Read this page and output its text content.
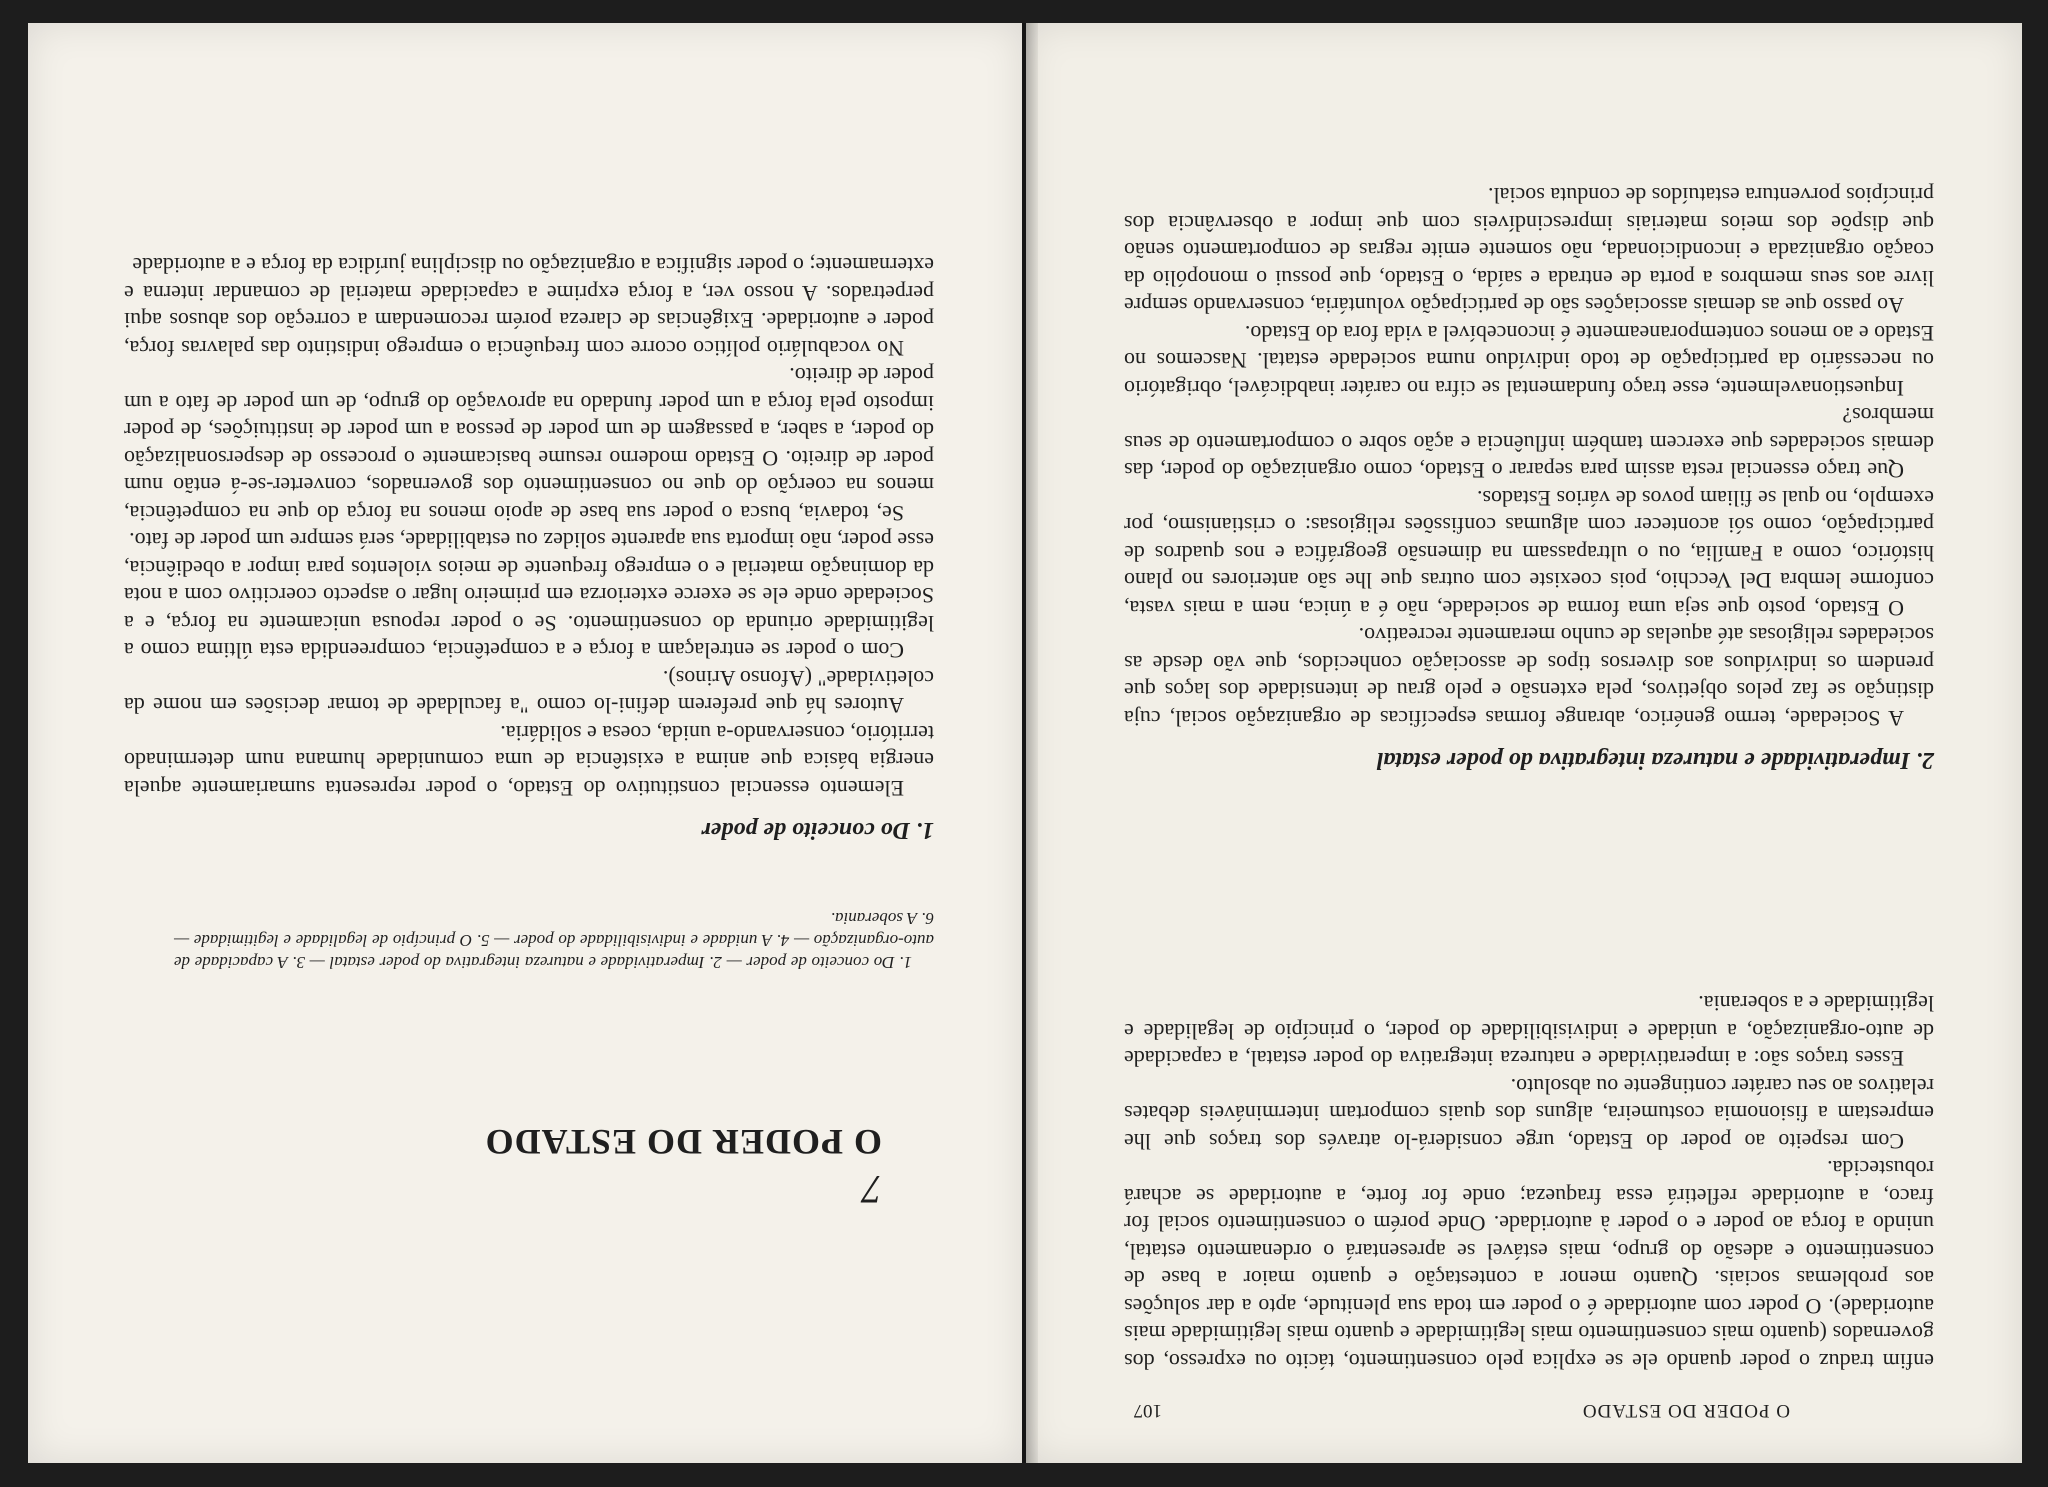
O PODER DO ESTADO
107

enfim traduz o poder quando ele se explica pelo consentimento, tácito ou expresso, dos governados (quanto mais consentimento mais legitimidade e quanto mais legitimidade mais autoridade). O poder com autoridade é o poder em toda sua plenitude, apto a dar soluções aos problemas sociais. Quanto menor a contestação e quanto maior a base de consentimento e adesão do grupo, mais estável se apresentará o ordenamento estatal, unindo a força ao poder e o poder à autoridade. Onde porém o consentimento social for fraco, a autoridade refletirá essa fraqueza; onde for forte, a autoridade se achará robustecida.

Com respeito ao poder do Estado, urge considerá-lo através dos traços que lhe emprestam a fisionomia costumeira, alguns dos quais comportam intermináveis debates relativos ao seu caráter contingente ou absoluto.

Esses traços são: a imperatividade e natureza integrativa do poder estatal, a capacidade de auto-organização, a unidade e indivisibilidade do poder, o princípio de legalidade e legitimidade e a soberania.

2. Imperatividade e natureza integrativa do poder estatal

A Sociedade, termo genérico, abrange formas específicas de organização social, cuja distinção se faz pelos objetivos, pela extensão e pelo grau de intensidade dos laços que prendem os indivíduos aos diversos tipos de associação conhecidos, que vão desde as sociedades religiosas até aquelas de cunho meramente recreativo.

O Estado, posto que seja uma forma de sociedade, não é a única, nem a mais vasta, conforme lembra Del Vecchio, pois coexiste com outras que lhe são anteriores no plano histórico, como a Família, ou o ultrapassam na dimensão geográfica e nos quadros de participação, como sói acontecer com algumas confissões religiosas: o cristianismo, por exemplo, no qual se filiam povos de vários Estados.

Que traço essencial resta assim para separar o Estado, como organização do poder, das demais sociedades que exercem também influência e ação sobre o comportamento de seus membros?

Inquestionavelmente, esse traço fundamental se cifra no caráter inabdicável, obrigatório ou necessário da participação de todo indivíduo numa sociedade estatal. Nascemos no Estado e ao menos contemporaneamente é inconcebível a vida fora do Estado.

Ao passo que as demais associações são de participação voluntária, conservando sempre livre aos seus membros a porta de entrada e saída, o Estado, que possui o monopólio da coação organizada e incondicionada, não somente emite regras de comportamento senão que dispõe dos meios materiais imprescindíveis com que impor a observância dos princípios porventura estatuídos de conduta social.

7
O PODER DO ESTADO

1. Do conceito de poder — 2. Imperatividade e natureza integrativa do poder estatal — 3. A capacidade de auto-organização — 4. A unidade e indivisibilidade do poder — 5. O princípio de legalidade e legitimidade — 6. A soberania.

1. Do conceito de poder

Elemento essencial constitutivo do Estado, o poder representa sumariamente aquela energia básica que anima a existência de uma comunidade humana num determinado território, conservando-a unida, coesa e solidária.

Autores há que preferem defini-lo como "a faculdade de tomar decisões em nome da coletividade" (Afonso Arinos).

Com o poder se entrelaçam a força e a competência, compreendida esta última como a legitimidade oriunda do consentimento. Se o poder repousa unicamente na força, e a Sociedade onde ele se exerce exteriorza em primeiro lugar o aspecto coercitivo com a nota da dominação material e o emprego frequente de meios violentos para impor a obediência, esse poder, não importa sua aparente solidez ou estabilidade, será sempre um poder de fato.

Se, todavia, busca o poder sua base de apoio menos na força do que na competência, menos na coerção do que no consentimento dos governados, converter-se-á então num poder de direito. O Estado moderno resume basicamente o processo de despersonalização do poder, a saber, a passagem de um poder de pessoa a um poder de instituições, de poder imposto pela força a um poder fundado na aprovação do grupo, de um poder de fato a um poder de direito.

No vocabulário político ocorre com frequência o emprego indistinto das palavras força, poder e autoridade. Exigências de clareza porém recomendam a correção dos abusos aqui perpetrados. A nosso ver, a força exprime a capacidade material de comandar interna e externamente; o poder significa a organização ou disciplina jurídica da força e a autoridade
